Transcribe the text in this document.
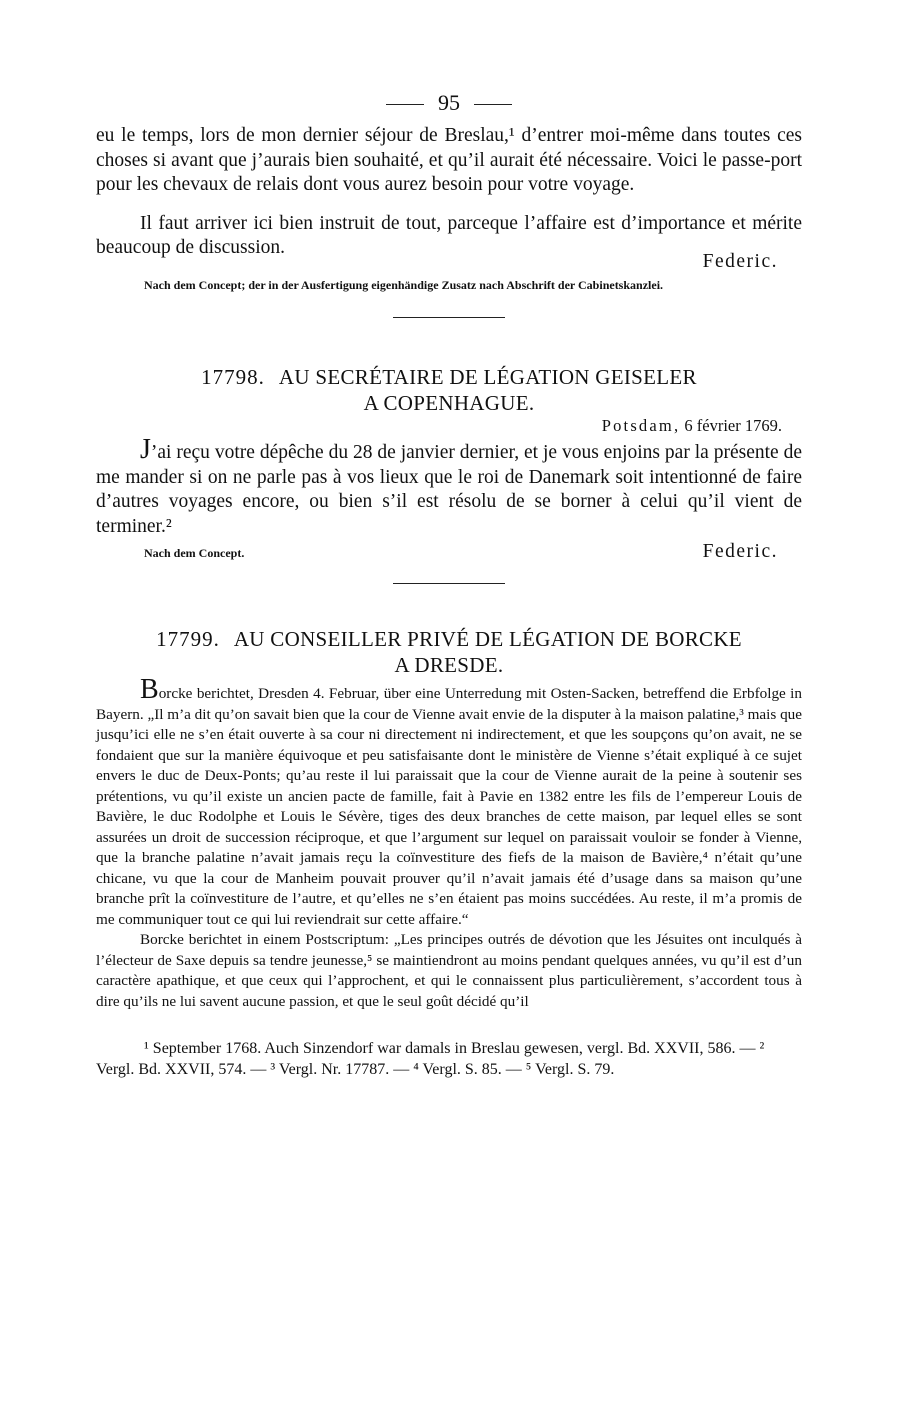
95

eu le temps, lors de mon dernier séjour de Breslau,¹ d’entrer moi-même dans toutes ces choses si avant que j’aurais bien souhaité, et qu’il aurait été nécessaire. Voici le passe-port pour les chevaux de relais dont vous aurez besoin pour votre voyage.

Il faut arriver ici bien instruit de tout, parceque l’affaire est d’importance et mérite beaucoup de discussion.

Federic.

Nach dem Concept; der in der Ausfertigung eigenhändige Zusatz nach Abschrift der Cabinetskanzlei.

17798. AU SECRÉTAIRE DE LÉGATION GEISELER
A COPENHAGUE.
Potsdam, 6 février 1769.

J’ai reçu votre dépêche du 28 de janvier dernier, et je vous enjoins par la présente de me mander si on ne parle pas à vos lieux que le roi de Danemark soit intentionné de faire d’autres voyages encore, ou bien s’il est résolu de se borner à celui qu’il vient de terminer.²

Nach dem Concept.	Federic.
17799. AU CONSEILLER PRIVÉ DE LÉGATION DE BORCKE
A DRESDE.

Borcke berichtet, Dresden 4. Februar, über eine Unterredung mit Osten-Sacken, betreffend die Erbfolge in Bayern. „Il m’a dit qu’on savait bien que la cour de Vienne avait envie de la disputer à la maison palatine,³ mais que jusqu’ici elle ne s’en était ouverte à sa cour ni directement ni indirectement, et que les soupçons qu’on avait, ne se fondaient que sur la manière équivoque et peu satisfaisante dont le ministère de Vienne s’était expliqué à ce sujet envers le duc de Deux-Ponts; qu’au reste il lui paraissait que la cour de Vienne aurait de la peine à soutenir ses prétentions, vu qu’il existe un ancien pacte de famille, fait à Pavie en 1382 entre les fils de l’empereur Louis de Bavière, le duc Rodolphe et Louis le Sévère, tiges des deux branches de cette maison, par lequel elles se sont assurées un droit de succession réciproque, et que l’argument sur lequel on paraissait vouloir se fonder à Vienne, que la branche palatine n’avait jamais reçu la coïnvestiture des fiefs de la maison de Bavière,⁴ n’était qu’une chicane, vu que la cour de Manheim pouvait prouver qu’il n’avait jamais été d’usage dans sa maison qu’une branche prît la coïnvestiture de l’autre, et qu’elles ne s’en étaient pas moins succédées. Au reste, il m’a promis de me communiquer tout ce qui lui reviendrait sur cette affaire.“

Borcke berichtet in einem Postscriptum: „Les principes outrés de dévotion que les Jésuites ont inculqués à l’électeur de Saxe depuis sa tendre jeunesse,⁵ se maintiendront au moins pendant quelques années, vu qu’il est d’un caractère apathique, et que ceux qui l’approchent, et qui le connaissent plus particulièrement, s’accordent tous à dire qu’ils ne lui savent aucune passion, et que le seul goût décidé qu’il

¹ September 1768. Auch Sinzendorf war damals in Breslau gewesen, vergl. Bd. XXVII, 586. — ² Vergl. Bd. XXVII, 574. — ³ Vergl. Nr. 17787. — ⁴ Vergl. S. 85. — ⁵ Vergl. S. 79.
